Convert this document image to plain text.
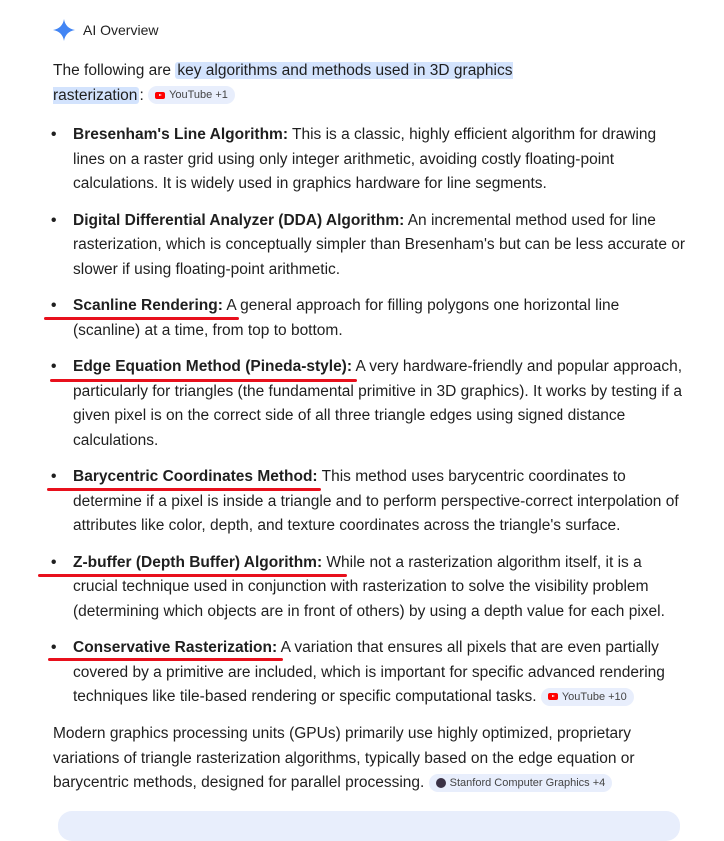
AI Overview
The following are key algorithms and methods used in 3D graphics rasterization : YouTube +1
• Bresenham's Line Algorithm: This is a classic, highly efficient algorithm for drawing lines on a raster grid using only integer arithmetic, avoiding costly floating-point calculations. It is widely used in graphics hardware for line segments.
• Digital Differential Analyzer (DDA) Algorithm: An incremental method used for line rasterization, which is conceptually simpler than Bresenham's but can be less accurate or slower if using floating-point arithmetic.
• Scanline Rendering: A general approach for filling polygons one horizontal line (scanline) at a time, from top to bottom.
• Edge Equation Method (Pineda-style): A very hardware-friendly and popular approach, particularly for triangles (the fundamental primitive in 3D graphics). It works by testing if a given pixel is on the correct side of all three triangle edges using signed distance calculations.
• Barycentric Coordinates Method: This method uses barycentric coordinates to determine if a pixel is inside a triangle and to perform perspective-correct interpolation of attributes like color, depth, and texture coordinates across the triangle's surface.
• Z-buffer (Depth Buffer) Algorithm: While not a rasterization algorithm itself, it is a crucial technique used in conjunction with rasterization to solve the visibility problem (determining which objects are in front of others) by using a depth value for each pixel.
• Conservative Rasterization: A variation that ensures all pixels that are even partially covered by a primitive are included, which is important for specific advanced rendering techniques like tile-based rendering or specific computational tasks. YouTube +10
Modern graphics processing units (GPUs) primarily use highly optimized, proprietary variations of triangle rasterization algorithms, typically based on the edge equation or barycentric methods, designed for parallel processing. Stanford Computer Graphics +4
